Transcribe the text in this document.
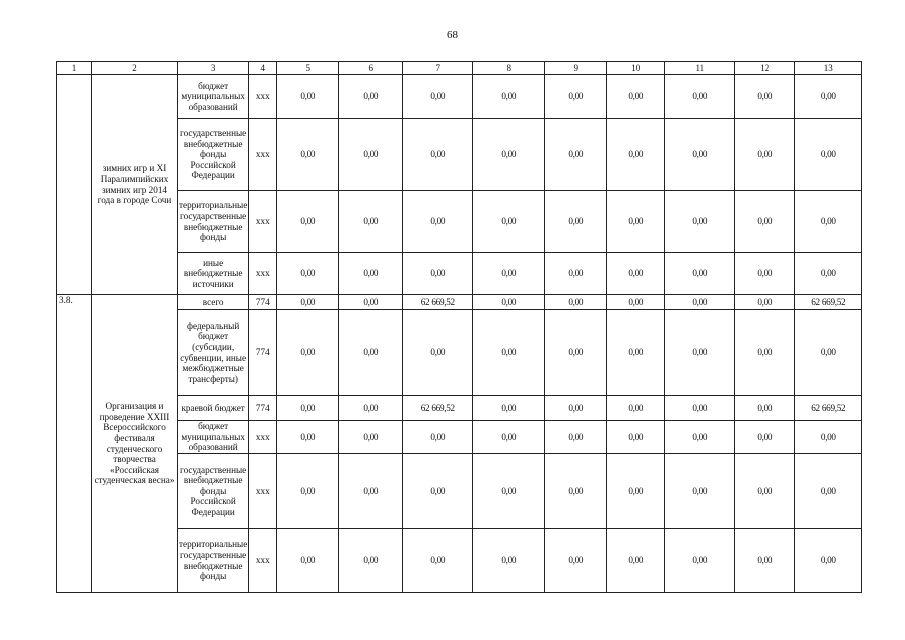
68
1	2	3	4	5	6	7	8	9	10	11	12	13
	зимних игр и XI Паралимпийских зимних игр 2014 года в городе Сочи	бюджет муниципальных образований	xxx	0,00	0,00	0,00	0,00	0,00	0,00	0,00	0,00	0,00
		государственные внебюджетные фонды Российской Федерации	xxx	0,00	0,00	0,00	0,00	0,00	0,00	0,00	0,00	0,00
		территориальные государственные внебюджетные фонды	xxx	0,00	0,00	0,00	0,00	0,00	0,00	0,00	0,00	0,00
		иные внебюджетные источники	xxx	0,00	0,00	0,00	0,00	0,00	0,00	0,00	0,00	0,00
3.8.	Организация и проведение XXIII Всероссийского фестиваля студенческого творчества «Российская студенческая весна»	всего	774	0,00	0,00	62 669,52	0,00	0,00	0,00	0,00	0,00	62 669,52
		федеральный бюджет (субсидии, субвенции, иные межбюджетные трансферты)	774	0,00	0,00	0,00	0,00	0,00	0,00	0,00	0,00	0,00
		краевой бюджет	774	0,00	0,00	62 669,52	0,00	0,00	0,00	0,00	0,00	62 669,52
		бюджет муниципальных образований	xxx	0,00	0,00	0,00	0,00	0,00	0,00	0,00	0,00	0,00
		государственные внебюджетные фонды Российской Федерации	xxx	0,00	0,00	0,00	0,00	0,00	0,00	0,00	0,00	0,00
		территориальные государственные внебюджетные фонды	xxx	0,00	0,00	0,00	0,00	0,00	0,00	0,00	0,00	0,00
